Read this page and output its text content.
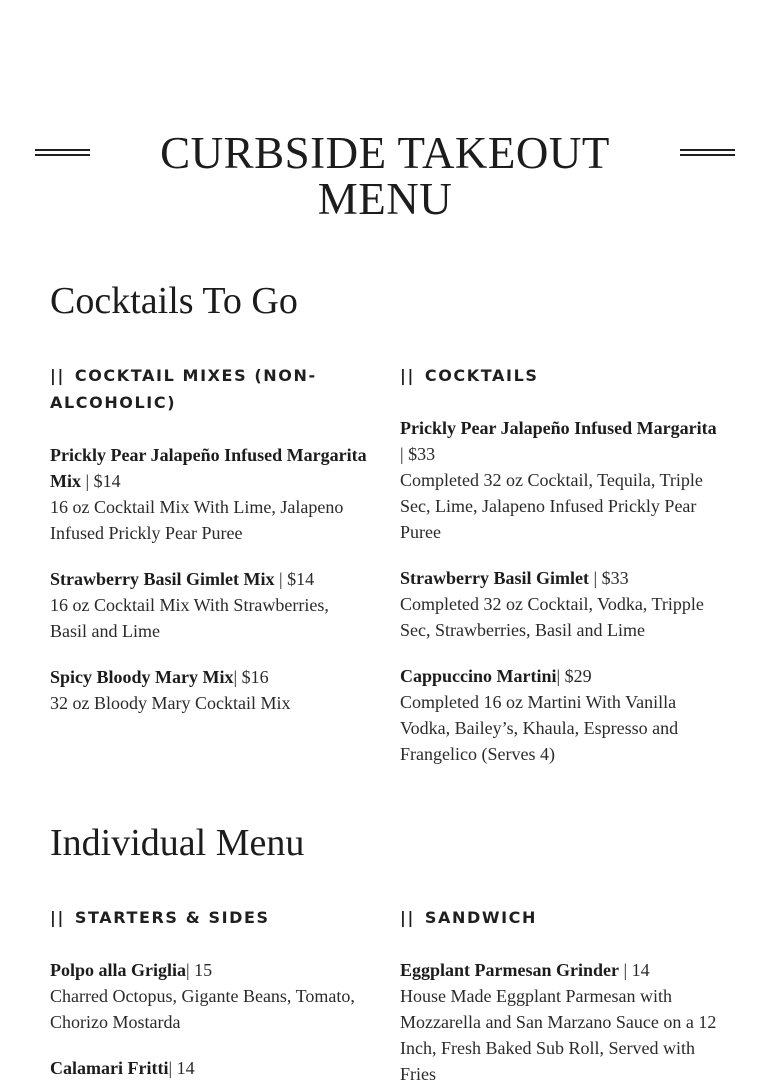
CURBSIDE TAKEOUT MENU
Cocktails To Go
|| COCKTAIL MIXES (NON-ALCOHOLIC)

Prickly Pear Jalapeño Infused Margarita Mix | $14

16 oz Cocktail Mix With Lime, Jalapeno Infused Prickly Pear Puree

Strawberry Basil Gimlet Mix | $14

16 oz Cocktail Mix With Strawberries, Basil and Lime

Spicy Bloody Mary Mix| $16

32 oz Bloody Mary Cocktail Mix

|| COCKTAILS

Prickly Pear Jalapeño Infused Margarita | $33

Completed 32 oz Cocktail, Tequila, Triple Sec, Lime, Jalapeno Infused Prickly Pear Puree

Strawberry Basil Gimlet | $33

Completed 32 oz Cocktail, Vodka, Tripple Sec, Strawberries, Basil and Lime

Cappuccino Martini| $29

Completed 16 oz Martini With Vanilla Vodka, Bailey’s, Khaula, Espresso and Frangelico (Serves 4)

Individual Menu
|| STARTERS & SIDES

Polpo alla Griglia| 15

Charred Octopus, Gigante Beans, Tomato, Chorizo Mostarda

Calamari Fritti| 14

|| SANDWICH

Eggplant Parmesan Grinder | 14

House Made Eggplant Parmesan with Mozzarella and San Marzano Sauce on a 12 Inch, Fresh Baked Sub Roll, Served with Fries
